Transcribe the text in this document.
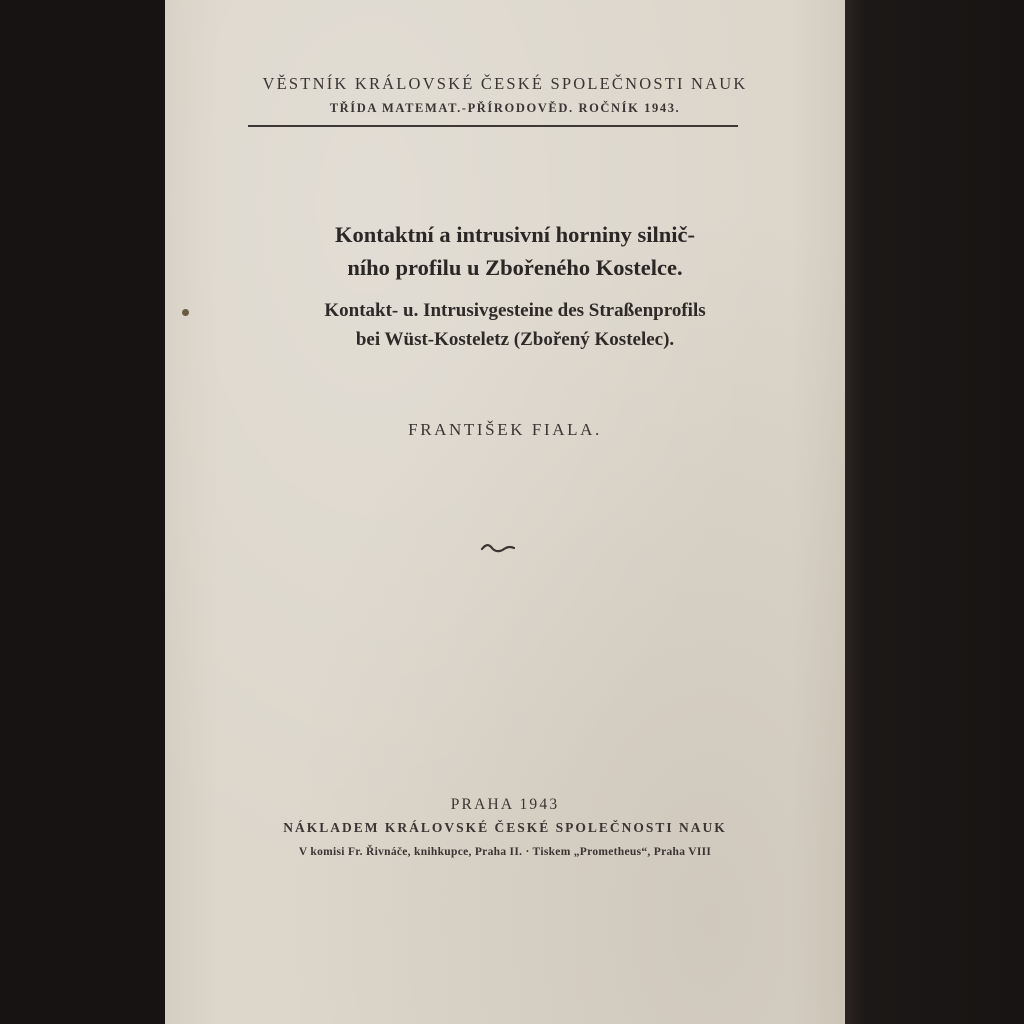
VĚSTNÍK KRÁLOVSKÉ ČESKÉ SPOLEČNOSTI NAUK
TŘÍDA MATEMAT.-PŘÍRODOVĚD. ROČNÍK 1943.
Kontaktní a intrusivní horniny silnič-
ního profilu u Zbořeného Kostelce.
Kontakt- u. Intrusivgesteine des Straßenprofils
bei Wüst-Kosteletz (Zbořený Kostelec).
FRANTIŠEK FIALA.
PRAHA 1943
NÁKLADEM KRÁLOVSKÉ ČESKÉ SPOLEČNOSTI NAUK
V komisi Fr. Řivnáče, knihkupce, Praha II. · Tiskem „Prometheus“, Praha VIII
